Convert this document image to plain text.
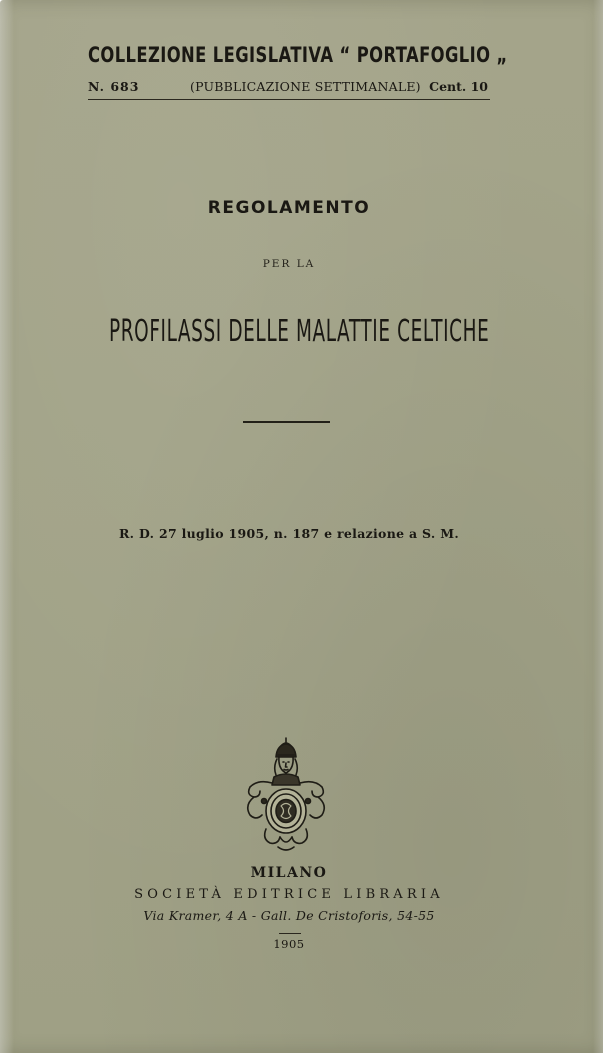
COLLEZIONE LEGISLATIVA “ PORTAFOGLIO „
N. 683	(PUBBLICAZIONE SETTIMANALE) Cent. 10
REGOLAMENTO
PER LA
PROFILASSI DELLE MALATTIE CELTICHE
R. D. 27 luglio 1905, n. 187 e relazione a S. M.
MILANO
SOCIETÀ EDITRICE LIBRARIA
Via Kramer, 4 A - Gall. De Cristoforis, 54-55
1905
